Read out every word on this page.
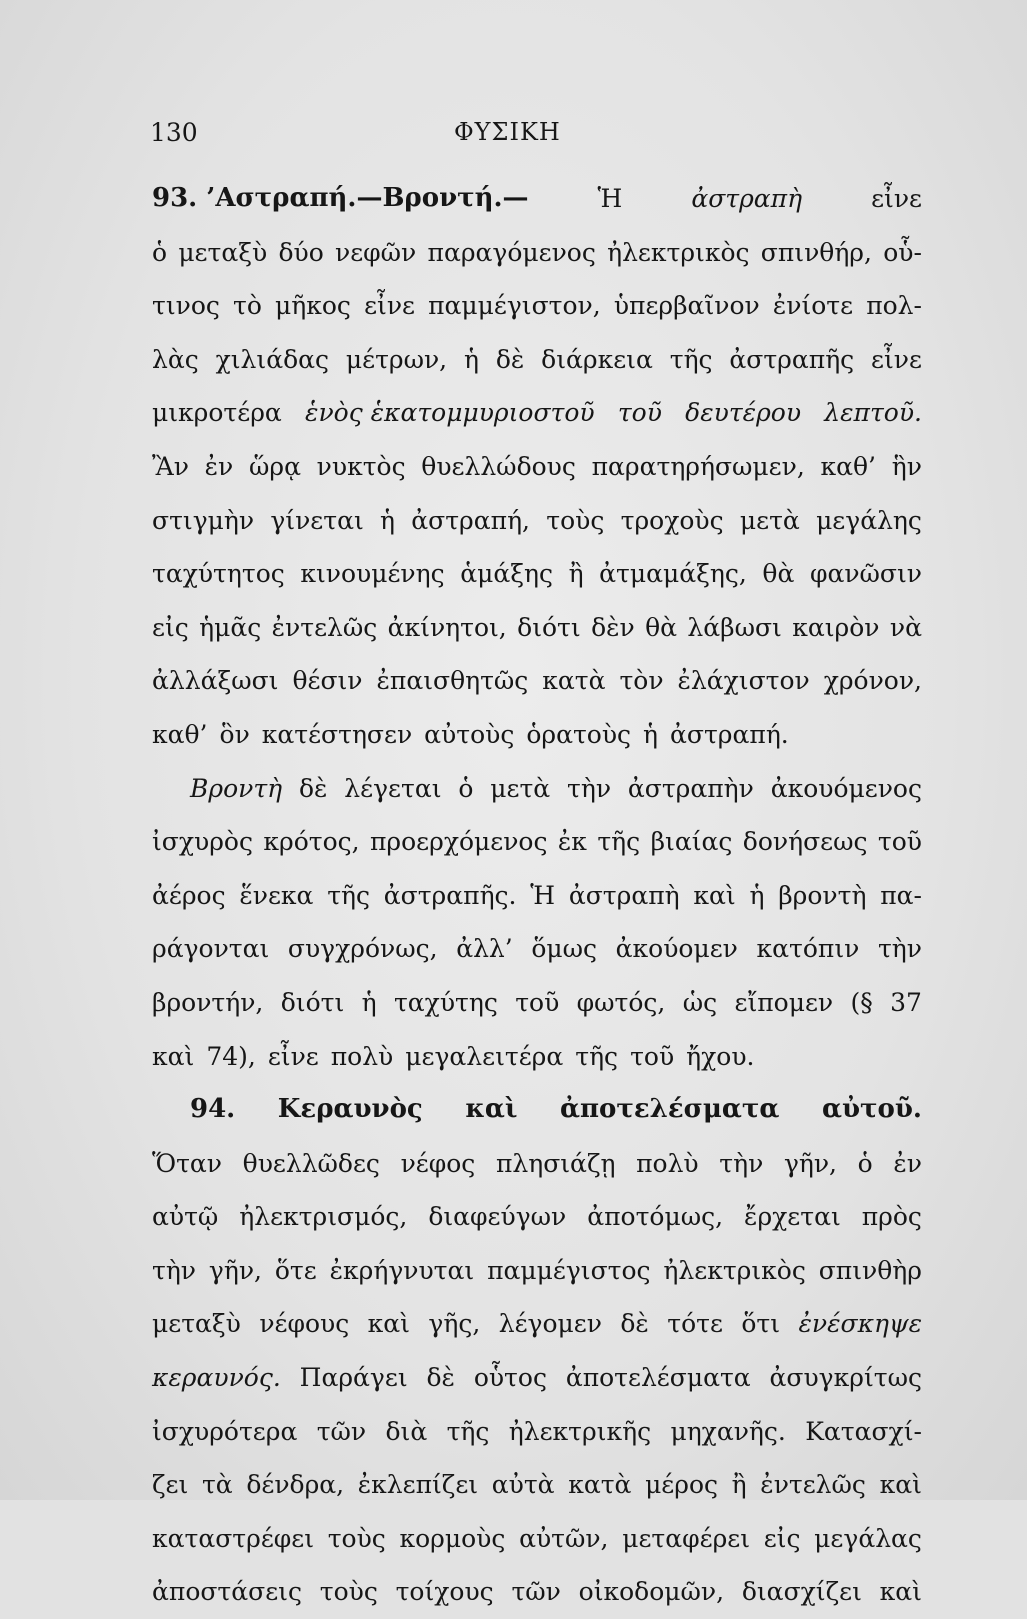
130	ΦΥΣΙΚΗ
93. ’Αστραπή.—Βροντή.—	Ἡ	ἀστραπὴ	εἶνε
ὁ μεταξὺ δύο νεφῶν παραγόμενος ἠλεκτρικὸς σπινθήρ, οὗ-
τινος τὸ μῆκος εἶνε παμμέγιστον, ὑπερβαῖνον ἐνίοτε πολ-
λὰς χιλιάδας μέτρων, ἡ δὲ διάρκεια τῆς ἀστραπῆς εἶνε
μικροτέρα ἑνὸς ἑκατομμυριοστοῦ τοῦ δευτέρου λεπτοῦ.
Ἂν ἐν ὥρᾳ νυκτὸς θυελλώδους παρατηρήσωμεν, καθ’ ἣν
στιγμὴν γίνεται ἡ ἀστραπή, τοὺς τροχοὺς μετὰ μεγάλης
ταχύτητος κινουμένης ἁμάξης ἢ ἀτμαμάξης, θὰ φανῶσιν
εἰς ἡμᾶς ἐντελῶς ἀκίνητοι, διότι δὲν θὰ λάβωσι καιρὸν νὰ
ἀλλάξωσι θέσιν ἐπαισθητῶς κατὰ τὸν ἐλάχιστον χρόνον,
καθ’ ὃν κατέστησεν αὐτοὺς ὁρατοὺς ἡ ἀστραπή.
Βροντὴ δὲ λέγεται ὁ μετὰ τὴν ἀστραπὴν ἀκουόμενος
ἰσχυρὸς κρότος, προερχόμενος ἐκ τῆς βιαίας δονήσεως τοῦ
ἀέρος ἕνεκα τῆς ἀστραπῆς. Ἡ ἀστραπὴ καὶ ἡ βροντὴ πα-
ράγονται συγχρόνως, ἀλλ’ ὅμως ἀκούομεν κατόπιν τὴν
βροντήν, διότι ἡ ταχύτης τοῦ φωτός, ὡς εἴπομεν (§ 37
καὶ 74), εἶνε πολὺ μεγαλειτέρα τῆς τοῦ ἤχου.
94. Κεραυνὸς καὶ ἀποτελέσματα αὐτοῦ.
Ὅταν θυελλῶδες νέφος πλησιάζῃ πολὺ τὴν γῆν, ὁ ἐν
αὐτῷ ἠλεκτρισμός, διαφεύγων ἀποτόμως, ἔρχεται πρὸς
τὴν γῆν, ὅτε ἐκρήγνυται παμμέγιστος ἠλεκτρικὸς σπινθὴρ
μεταξὺ νέφους καὶ γῆς, λέγομεν δὲ τότε ὅτι ἐνέσκηψε
κεραυνός. Παράγει δὲ οὗτος ἀποτελέσματα ἀσυγκρίτως
ἰσχυρότερα τῶν διὰ τῆς ἠλεκτρικῆς μηχανῆς. Κατασχί-
ζει τὰ δένδρα, ἐκλεπίζει αὐτὰ κατὰ μέρος ἢ ἐντελῶς καὶ
καταστρέφει τοὺς κορμοὺς αὐτῶν, μεταφέρει εἰς μεγάλας
ἀποστάσεις τοὺς τοίχους τῶν οἰκοδομῶν, διασχίζει καὶ
